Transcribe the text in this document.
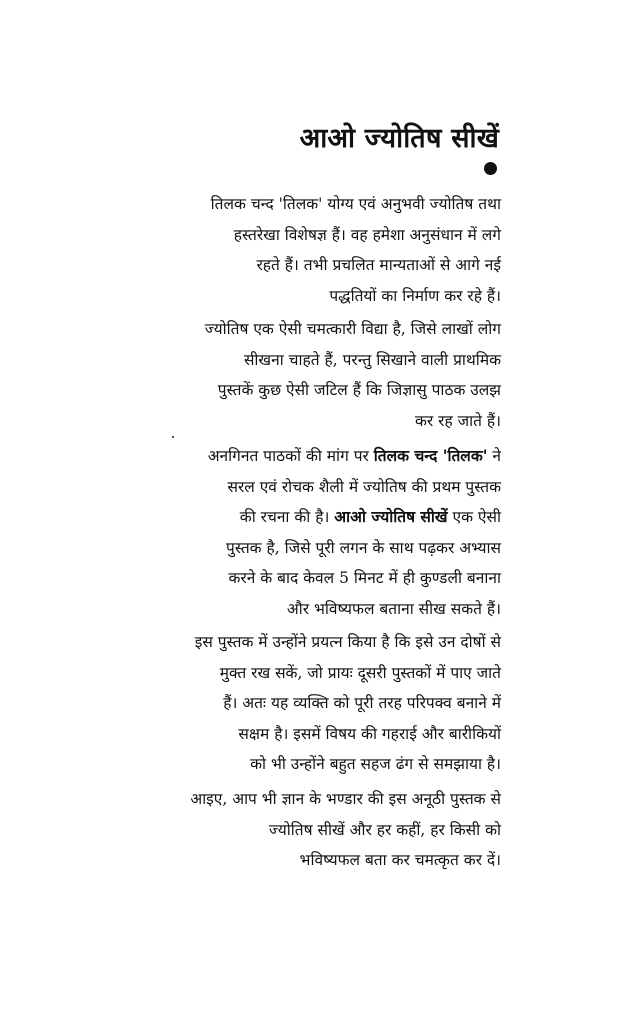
आओ ज्योतिष सीखें
तिलक चन्द 'तिलक' योग्य एवं अनुभवी ज्योतिष तथा
हस्तरेखा विशेषज्ञ हैं। वह हमेशा अनुसंधान में लगे
रहते हैं। तभी प्रचलित मान्यताओं से आगे नई
पद्धतियों का निर्माण कर रहे हैं।
ज्योतिष एक ऐसी चमत्कारी विद्या है, जिसे लाखों लोग
सीखना चाहते हैं, परन्तु सिखाने वाली प्राथमिक
पुस्तकें कुछ ऐसी जटिल हैं कि जिज्ञासु पाठक उलझ
कर रह जाते हैं।
अनगिनत पाठकों की मांग पर तिलक चन्द 'तिलक' ने
सरल एवं रोचक शैली में ज्योतिष की प्रथम पुस्तक
की रचना की है। आओ ज्योतिष सीखें एक ऐसी
पुस्तक है, जिसे पूरी लगन के साथ पढ़कर अभ्यास
करने के बाद केवल 5 मिनट में ही कुण्डली बनाना
और भविष्यफल बताना सीख सकते हैं।
इस पुस्तक में उन्होंने प्रयत्न किया है कि इसे उन दोषों से
मुक्त रख सकें, जो प्रायः दूसरी पुस्तकों में पाए जाते
हैं। अतः यह व्यक्ति को पूरी तरह परिपक्व बनाने में
सक्षम है। इसमें विषय की गहराई और बारीकियों
को भी उन्होंने बहुत सहज ढंग से समझाया है।
आइए, आप भी ज्ञान के भण्डार की इस अनूठी पुस्तक से
ज्योतिष सीखें और हर कहीं, हर किसी को
भविष्यफल बता कर चमत्कृत कर दें।
